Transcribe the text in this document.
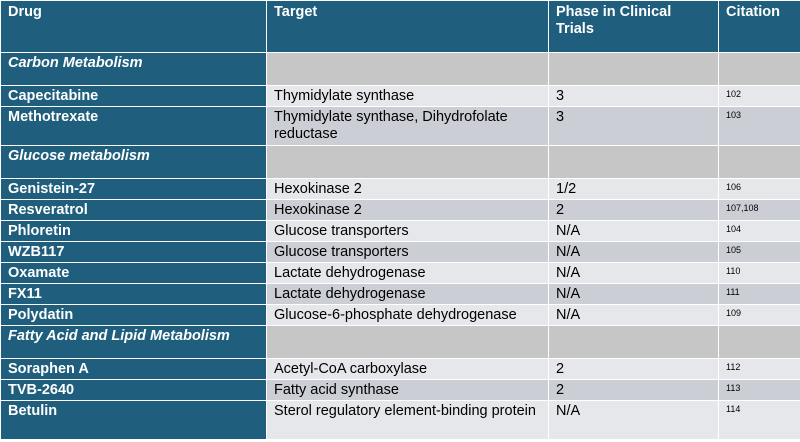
Drug	Target	Phase in Clinical Trials	Citation
Carbon Metabolism			
Capecitabine	Thymidylate synthase	3	102
Methotrexate	Thymidylate synthase, Dihydrofolate reductase	3	103
Glucose metabolism			
Genistein-27	Hexokinase 2	1/2	106
Resveratrol	Hexokinase 2	2	107,108
Phloretin	Glucose transporters	N/A	104
WZB117	Glucose transporters	N/A	105
Oxamate	Lactate dehydrogenase	N/A	110
FX11	Lactate dehydrogenase	N/A	111
Polydatin	Glucose-6-phosphate dehydrogenase	N/A	109
Fatty Acid and Lipid Metabolism			
Soraphen A	Acetyl-CoA carboxylase	2	112
TVB-2640	Fatty acid synthase	2	113
Betulin	Sterol regulatory element-binding protein	N/A	114
